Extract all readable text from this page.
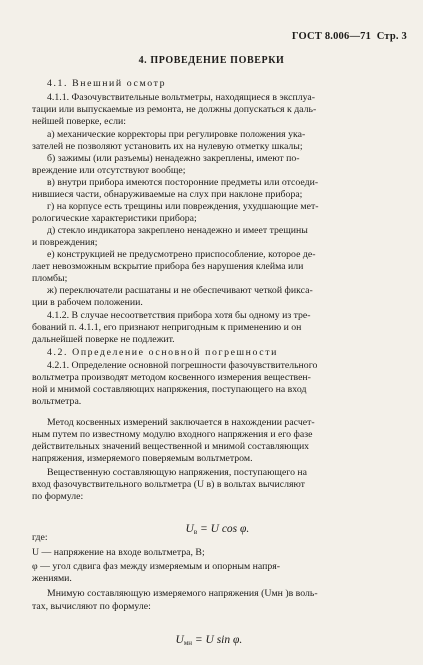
ГОСТ 8.006—71 Стр. 3
4. ПРОВЕДЕНИЕ ПОВЕРКИ
4.1. Внешний осмотр
4.1.1. Фазочувствительные вольтметры, находящиеся в эксплуа-
тации или выпускаемые из ремонта, не должны допускаться к даль-
нейшей поверке, если:
а) механические корректоры при регулировке положения ука-
зателей не позволяют установить их на нулевую отметку шкалы;
б) зажимы (или разъемы) ненадежно закреплены, имеют по-
вреждение или отсутствуют вообще;
в) внутри прибора имеются посторонние предметы или отсоеди-
нившиеся части, обнаруживаемые на слух при наклоне прибора;
г) на корпусе есть трещины или повреждения, ухудшающие мет-
рологические характеристики прибора;
д) стекло индикатора закреплено ненадежно и имеет трещины
и повреждения;
е) конструкцией не предусмотрено приспособление, которое де-
лает невозможным вскрытие прибора без нарушения клейма или
пломбы;
ж) переключатели расшатаны и не обеспечивают четкой фикса-
ции в рабочем положении.
4.1.2. В случае несоответствия прибора хотя бы одному из тре-
бований п. 4.1.1, его признают непригодным к применению и он
дальнейшей поверке не подлежит.
4.2. Определение основной погрешности
4.2.1. Определение основной погрешности фазочувствительного
вольтметра производят методом косвенного измерения веществен-
ной и мнимой составляющих напряжения, поступающего на вход
вольтметра.
Метод косвенных измерений заключается в нахождении расчет-
ным путем по известному модулю входного напряжения и его фазе
действительных значений вещественной и мнимой составляющих
напряжения, измеряемого поверяемым вольтметром.
Вещественную составляющую напряжения, поступающего на
вход фазочувствительного вольтметра (U в) в вольтах вычисляют
по формуле:

$U_в = U$ cos φ.

где:
U — напряжение на входе вольтметра, В;
φ — угол сдвига фаз между измеряемым и опорным напря-
жениями.
Мнимую составляющую измеряемого напряжения (Uмн )в воль-
тах, вычисляют по формуле:

$U_{мн} = U$ sin φ.
